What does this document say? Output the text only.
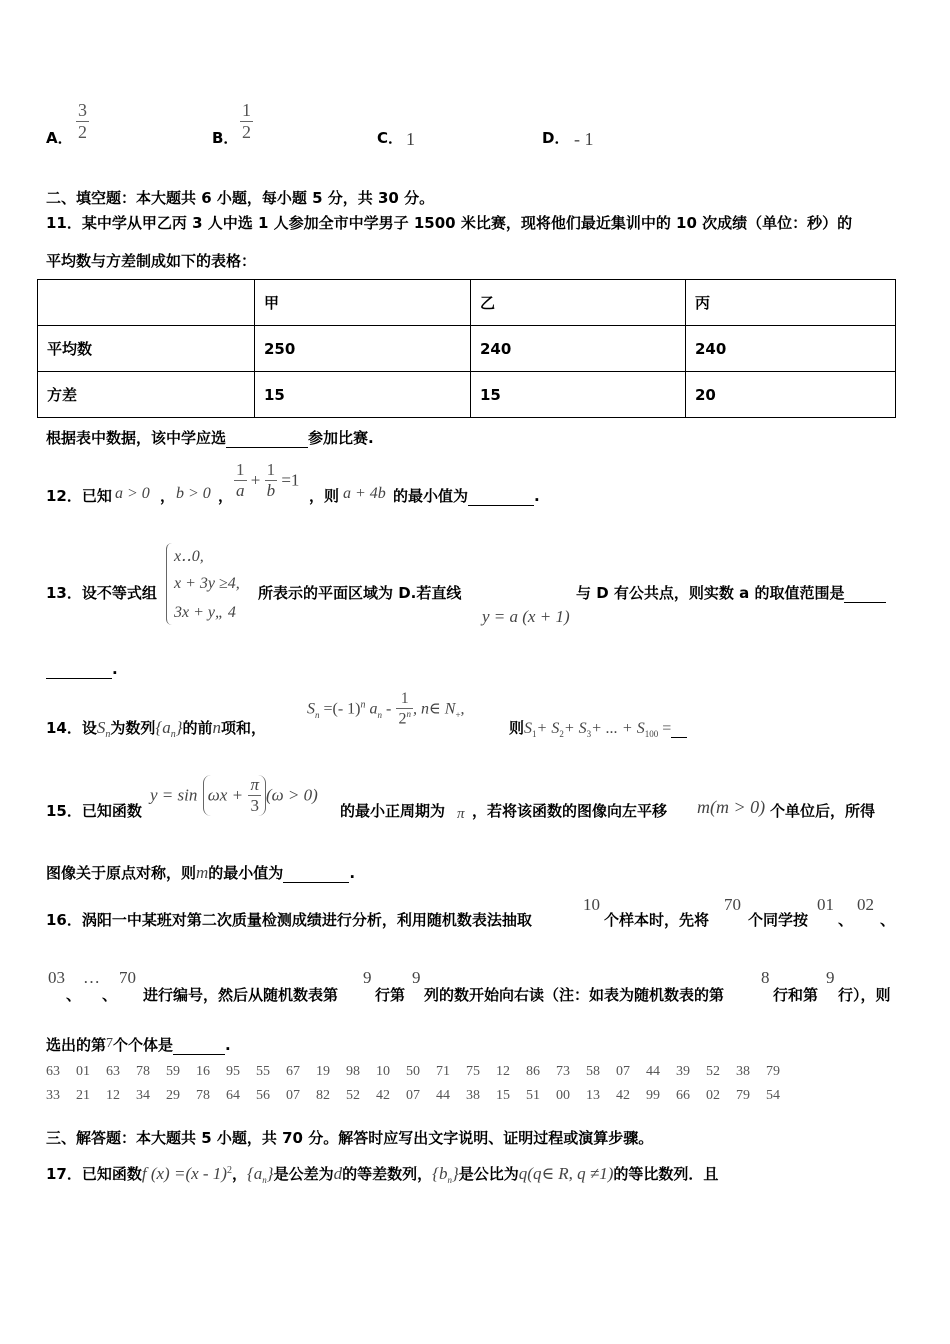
A． $\frac{3}{2}$	B． $\frac{1}{2}$	C． 1	D． - 1
二、填空题：本大题共 6 小题，每小题 5 分，共 30 分。
11．某中学从甲乙丙 3 人中选 1 人参加全市中学男子 1500 米比赛，现将他们最近集训中的 10 次成绩（单位：秒）的
平均数与方差制成如下的表格：
	甲	乙	丙
平均数	250	240	240
方差	15	15	20
根据表中数据，该中学应选	参加比赛.
12．已知 a > 0 ， b > 0 ， $\frac{1}{a} + \frac{1}{b} =1$
，则 a + 4b 的最小值为	.
13．设不等式组
x‥0,
x + 3y ≥4,
3x + y„ 4
所表示的平面区域为 D.若直线
y = a (x + 1)
与 D 有公共点，则实数 a 的取值范围是
.
14．设$S_n$为数列$\{a_n\}$的前n项和，
$S_n$ =(- 1)$^n$ $a_n - \frac{1}{2^n}$ , n∈ $N_+$,
则$S_1+ S_2+ S_3+$ ... + $S_{100}$ =
15．已知函数
$y = \sin \omega x + \frac{\pi}{3} (\omega > 0)$
的最小正周期为 π ，若将该函数的图像向左平移 m(m > 0) 个单位后，所得
图像关于原点对称，则m的最小值为	.
16．涡阳一中某班对第二次质量检测成绩进行分析，利用随机数表法抽取
10
个样本时，先将
70
个同学按
01
、
02
、
03
、
…
、
70
进行编号，然后从随机数表第
9
行第
9
列的数开始向右读（注：如表为随机数表的第
8
行和第
9
行），则
选出的第7个个体是	.
63 01 63 78 59 16 95 55 67 19 98 10 50 71 75 12 86 73 58 07 44 39 52 38 79
33 21 12 34 29 78 64 56 07 82 52 42 07 44 38 15 51 00 13 42 99 66 02 79 54
三、解答题：本大题共 5 小题，共 70 分。解答时应写出文字说明、证明过程或演算步骤。
17．已知函数f (x) =(x - 1)$^2$，$\{a_n\}$是公差为d的等差数列，$\{b_n\}$是公比为q(q∈ R, q ≠1)的等比数列．且
